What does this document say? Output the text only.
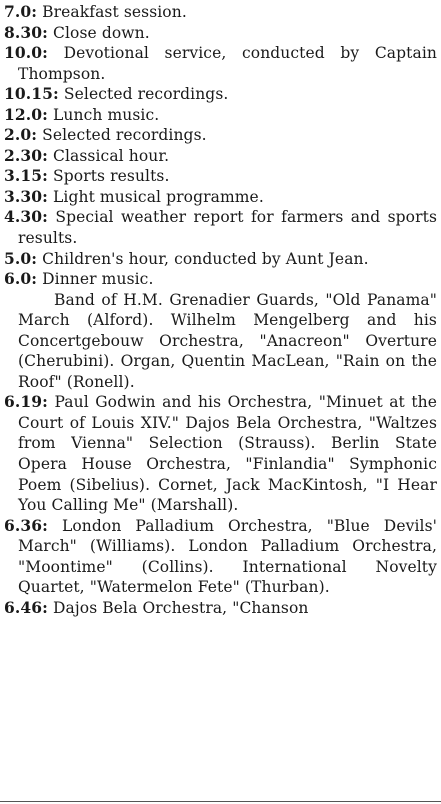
7.0: Breakfast session.

8.30: Close down.

10.0: Devotional service, conducted by Captain Thompson.

10.15: Selected recordings.

12.0: Lunch music.

2.0: Selected recordings.

2.30: Classical hour.

3.15: Sports results.

3.30: Light musical programme.

4.30: Special weather report for farmers and sports results.

5.0: Children's hour, conducted by Aunt Jean.

6.0: Dinner music.

Band of H.M. Grenadier Guards, "Old Panama" March (Alford). Wilhelm Mengelberg and his Concertgebouw Orchestra, "Anacreon" Overture (Cherubini). Organ, Quentin MacLean, "Rain on the Roof" (Ronell).

6.19: Paul Godwin and his Orchestra, "Minuet at the Court of Louis XIV." Dajos Bela Orchestra, "Waltzes from Vienna" Selection (Strauss). Berlin State Opera House Orchestra, "Finlandia" Symphonic Poem (Sibelius). Cornet, Jack MacKintosh, "I Hear You Calling Me" (Marshall).

6.36: London Palladium Orchestra, "Blue Devils' March" (Williams). London Palladium Orchestra, "Moontime" (Collins). International Novelty Quartet, "Watermelon Fete" (Thurban).

6.46: Dajos Bela Orchestra, "Chanson
